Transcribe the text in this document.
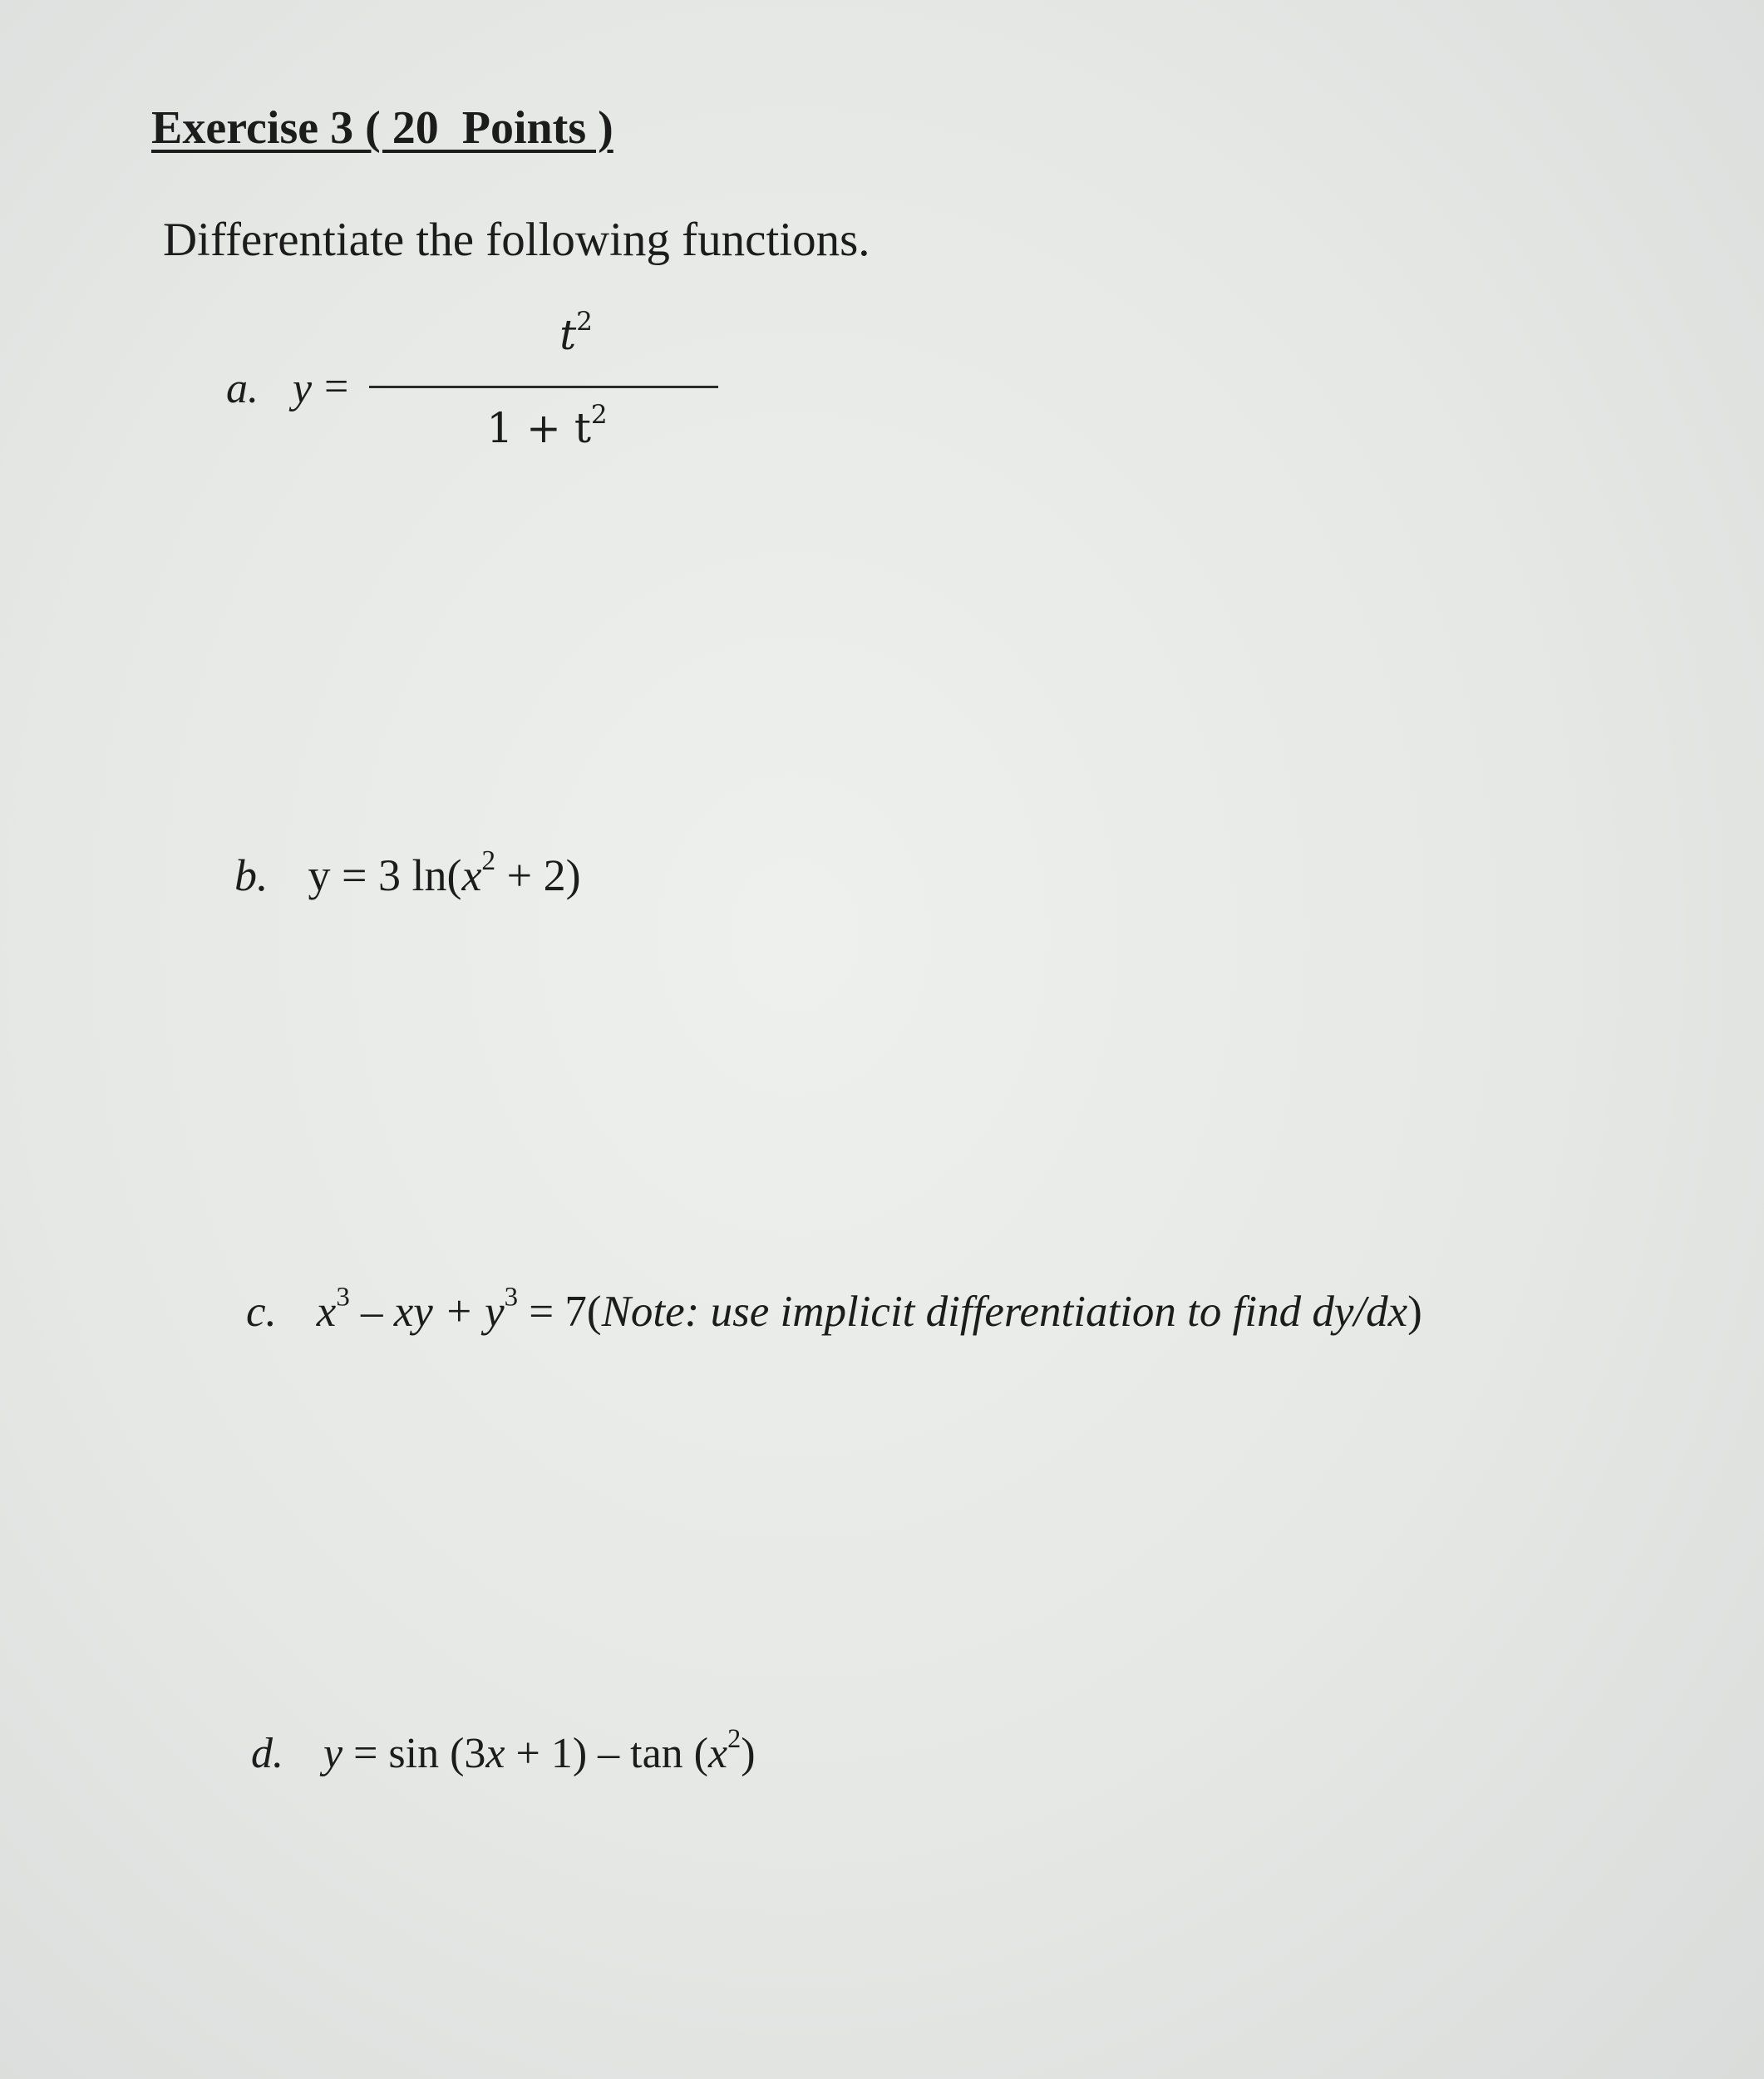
Exercise 3 ( 20  Points )
Differentiate the following functions.

a.

y

=

$t^2$

$1 + t^2$

b. y = 3 $\ln(x^2 + 2)$
c. $x^3$ – xy + $y^3$ = 7(Note: use implicit differentiation to find dy/dx)
d. $y = \sin (3x + 1) - \tan (x^2)$
